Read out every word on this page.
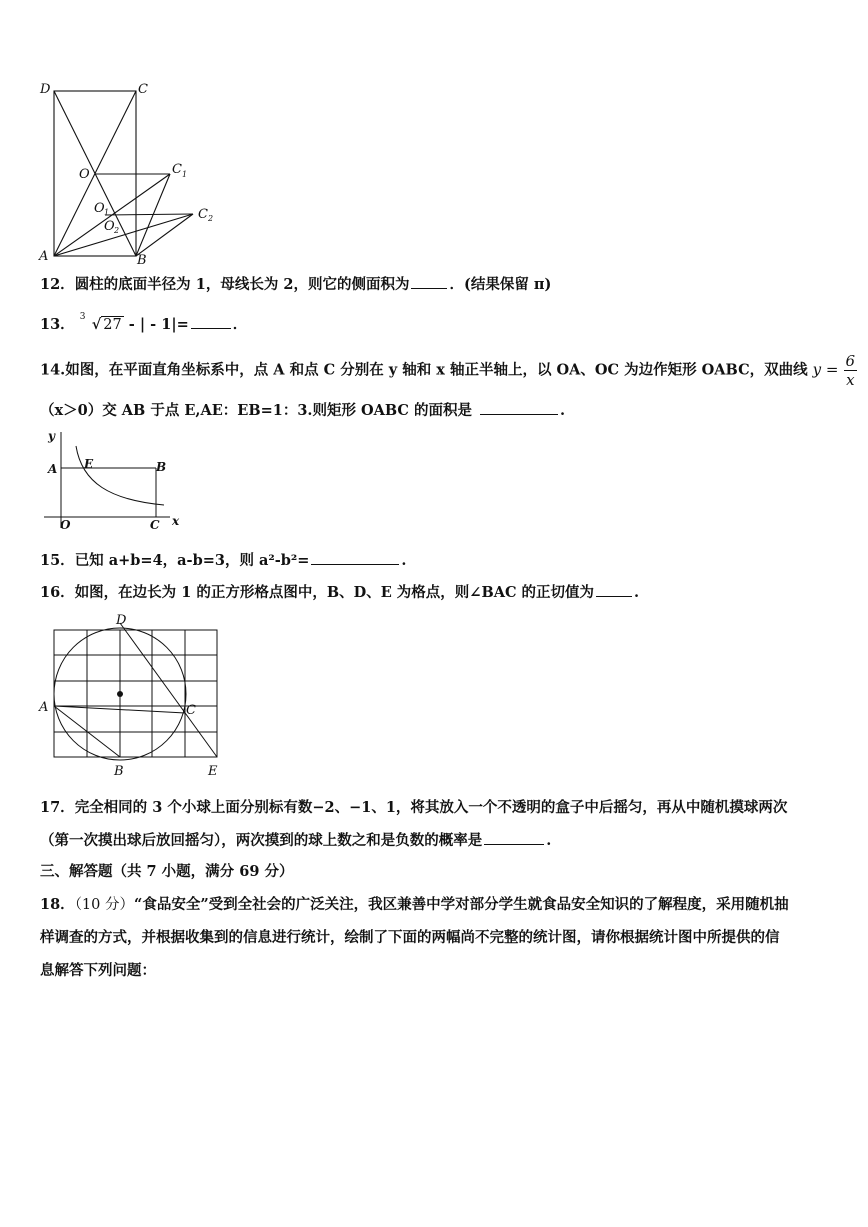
D	C
O	C 1
O 1
O 2
C 2
A	B
12．圆柱的底面半径为 1，母线长为 2，则它的侧面积为	．(结果保留 π)
13． 3 √ 27 - | - 1|=	．
14.如图，在平面直角坐标系中，点 A 和点 C 分别在 y 轴和 x 轴正半轴上，以 OA、OC 为边作矩形 OABC，双曲线 $y = \frac{6}{x}$
（x＞0）交 AB 于点 E,AE：EB=1：3.则矩形 OABC 的面积是	.
y
A E	B
O	C x
15．已知 a+b=4，a-b=3，则 a²-b²=	.
16．如图，在边长为 1 的正方形格点图中，B、D、E 为格点，则∠BAC 的正切值为	.
D
A	C
B	E
17．完全相同的 3 个小球上面分别标有数−2、−1、1，将其放入一个不透明的盒子中后摇匀，再从中随机摸球两次
（第一次摸出球后放回摇匀），两次摸到的球上数之和是负数的概率是	.
三、解答题（共 7 小题，满分 69 分）
18．（10 分）“食品安全”受到全社会的广泛关注，我区兼善中学对部分学生就食品安全知识的了解程度，采用随机抽
样调查的方式，并根据收集到的信息进行统计，绘制了下面的两幅尚不完整的统计图，请你根据统计图中所提供的信
息解答下列问题：
